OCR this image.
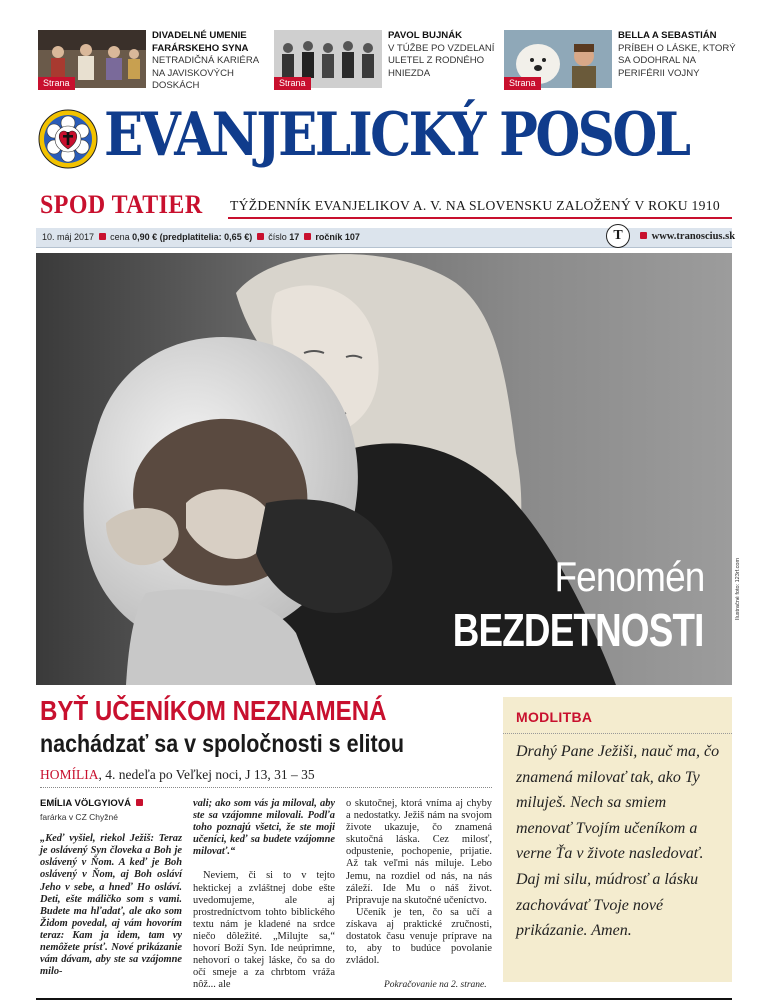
Strana 7
DIVADELNÉ UMENIE FARÁRSKEHO SYNA
NETRADIČNÁ KARIÉRA NA JAVISKOVÝCH DOSKÁCH	Strana 12
PAVOL BUJNÁK
V TÚŽBE PO VZDELANÍ ULETEL Z RODNÉHO HNIEZDA
Strana 13
BELLA A SEBASTIÁN
PRÍBEH O LÁSKE, KTORÝ SA ODOHRAL NA PERIFÉRII VOJNY
EVANJELICKÝ POSOL
SPOD TATIER TÝŽDENNÍK EVANJELIKOV A. V. NA SLOVENSKU ZALOŽENÝ V ROKU 1910
10. máj 2017 cena 0,90 € (predplatitelia: 0,65 €) číslo 17 ročník 107	T	www.tranoscius.sk
Fenomén
BEZDETNOSTI
Ilustračné foto: 123rf.com
BYŤ UČENÍKOM NEZNAMENÁ
nachádzať sa v spoločnosti s elitou
HOMÍLIA, 4. nedeľa po Veľkej noci, J 13, 31 – 35
EMÍLIA VÖLGYIOVÁ
farárka v CZ Chyžné

„Keď vyšiel, riekol Ježiš: Teraz je oslávený Syn človeka a Boh je oslávený v Ňom. A keď je Boh oslávený v Ňom, aj Boh osláví Jeho v sebe, a hneď Ho osláví. Deti, ešte máličko som s vami. Budete ma hľadať, ale ako som Židom povedal, aj vám hovorím teraz: Kam ja idem, tam vy nemôžete prísť. Nové prikázanie vám dávam, aby ste sa vzájomne milo-

vali; ako som vás ja miloval, aby ste sa vzájomne milovali. Podľa toho poznajú všetci, že ste moji učeníci, keď sa budete vzájomne milovať.“

Neviem, či si to v tejto hektickej a zvláštnej dobe ešte uvedomujeme, ale aj prostredníctvom tohto biblického textu nám je kladené na srdce niečo dôležité. „Milujte sa,“ hovorí Boží Syn. Ide neúprimne, nehovorí o takej láske, čo sa do očí smeje a za chrbtom vráža nôž... ale

o skutočnej, ktorá vníma aj chyby a nedostatky. Ježiš nám na svojom živote ukazuje, čo znamená skutočná láska. Cez milosť, odpustenie, pochopenie, prijatie. Až tak veľmi nás miluje. Lebo Jemu, na rozdiel od nás, na nás záleží. Ide Mu o náš život. Pripravuje na skutočné učeníctvo.

Učeník je ten, čo sa učí a získava aj praktické zručnosti, dostatok času venuje príprave na to, aby to budúce povolanie zvládol.

Pokračovanie na 2. strane.
MODLITBA
Drahý Pane Ježiši, nauč ma, čo znamená milovať tak, ako Ty miluješ. Nech sa smiem menovať Tvojím učeníkom a verne Ťa v živote nasledovať. Daj mi silu, múdrosť a lásku zachovávať Tvoje nové prikázanie. Amen.
